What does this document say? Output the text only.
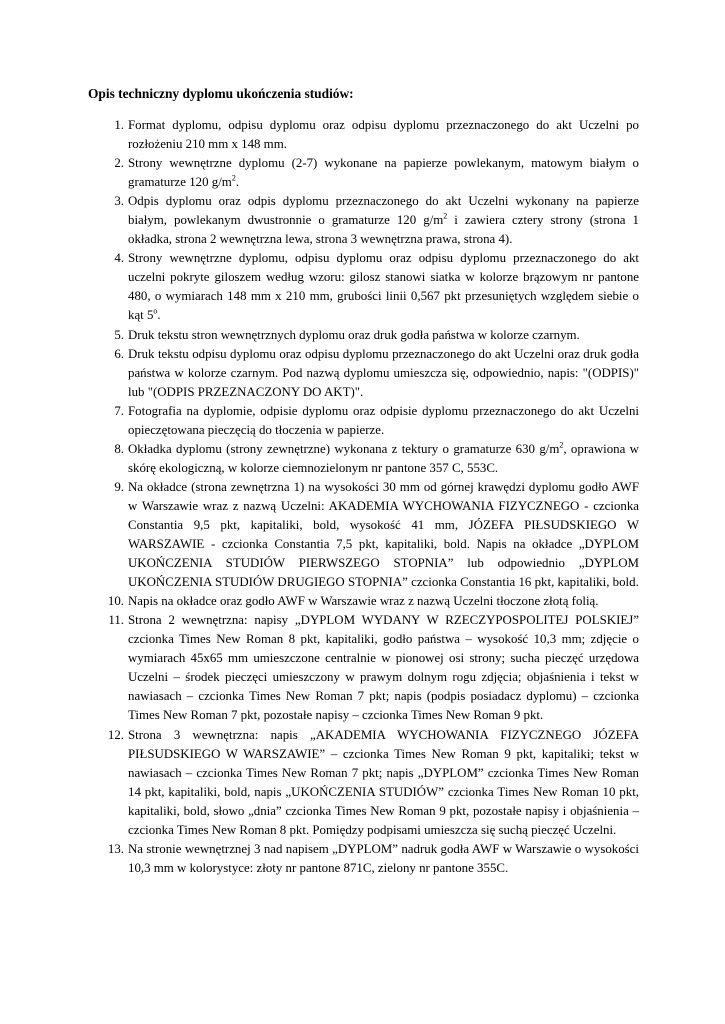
Opis techniczny dyplomu ukończenia studiów:
1. Format dyplomu, odpisu dyplomu oraz odpisu dyplomu przeznaczonego do akt Uczelni po rozłożeniu 210 mm x 148 mm.
2. Strony wewnętrzne dyplomu (2-7) wykonane na papierze powlekanym, matowym białym o gramaturze 120 $g/m^2$.
3. Odpis dyplomu oraz odpis dyplomu przeznaczonego do akt Uczelni wykonany na papierze białym, powlekanym dwustronnie o gramaturze 120 $g/m^2$ i zawiera cztery strony (strona 1 okładka, strona 2 wewnętrzna lewa, strona 3 wewnętrzna prawa, strona 4).
4. Strony wewnętrzne dyplomu, odpisu dyplomu oraz odpisu dyplomu przeznaczonego do akt uczelni pokryte giloszem według wzoru: gilosz stanowi siatka w kolorze brązowym nr pantone 480, o wymiarach 148 mm x 210 mm, grubości linii 0,567 pkt przesuniętych względem siebie o kąt 5$^o$.
5. Druk tekstu stron wewnętrznych dyplomu oraz druk godła państwa w kolorze czarnym.
6. Druk tekstu odpisu dyplomu oraz odpisu dyplomu przeznaczonego do akt Uczelni oraz druk godła państwa w kolorze czarnym. Pod nazwą dyplomu umieszcza się, odpowiednio, napis: "(ODPIS)" lub "(ODPIS PRZEZNACZONY DO AKT)".
7. Fotografia na dyplomie, odpisie dyplomu oraz odpisie dyplomu przeznaczonego do akt Uczelni opieczętowana pieczęcią do tłoczenia w papierze.
8. Okładka dyplomu (strony zewnętrzne) wykonana z tektury o gramaturze 630 $g/m^2$, oprawiona w skórę ekologiczną, w kolorze ciemnozielonym nr pantone 357 C, 553C.
9. Na okładce (strona zewnętrzna 1) na wysokości 30 mm od górnej krawędzi dyplomu godło AWF w Warszawie wraz z nazwą Uczelni: AKADEMIA WYCHOWANIA FIZYCZNEGO - czcionka Constantia 9,5 pkt, kapitaliki, bold, wysokość 41 mm, JÓZEFA PIŁSUDSKIEGO W WARSZAWIE - czcionka Constantia 7,5 pkt, kapitaliki, bold. Napis na okładce „DYPLOM UKOŃCZENIA STUDIÓW PIERWSZEGO STOPNIA” lub odpowiednio „DYPLOM UKOŃCZENIA STUDIÓW DRUGIEGO STOPNIA” czcionka Constantia 16 pkt, kapitaliki, bold.
10. Napis na okładce oraz godło AWF w Warszawie wraz z nazwą Uczelni tłoczone złotą folią.
11. Strona 2 wewnętrzna: napisy „DYPLOM WYDANY W RZECZYPOSPOLITEJ POLSKIEJ” czcionka Times New Roman 8 pkt, kapitaliki, godło państwa – wysokość 10,3 mm; zdjęcie o wymiarach 45x65 mm umieszczone centralnie w pionowej osi strony; sucha pieczęć urzędowa Uczelni – środek pieczęci umieszczony w prawym dolnym rogu zdjęcia; objaśnienia i tekst w nawiasach – czcionka Times New Roman 7 pkt; napis (podpis posiadacz dyplomu) – czcionka Times New Roman 7 pkt, pozostałe napisy – czcionka Times New Roman 9 pkt.
12. Strona 3 wewnętrzna: napis „AKADEMIA WYCHOWANIA FIZYCZNEGO JÓZEFA PIŁSUDSKIEGO W WARSZAWIE” – czcionka Times New Roman 9 pkt, kapitaliki; tekst w nawiasach – czcionka Times New Roman 7 pkt; napis „DYPLOM” czcionka Times New Roman 14 pkt, kapitaliki, bold, napis „UKOŃCZENIA STUDIÓW” czcionka Times New Roman 10 pkt, kapitaliki, bold, słowo „dnia” czcionka Times New Roman 9 pkt, pozostałe napisy i objaśnienia – czcionka Times New Roman 8 pkt. Pomiędzy podpisami umieszcza się suchą pieczęć Uczelni.
13. Na stronie wewnętrznej 3 nad napisem „DYPLOM” nadruk godła AWF w Warszawie o wysokości 10,3 mm w kolorystyce: złoty nr pantone 871C, zielony nr pantone 355C.
